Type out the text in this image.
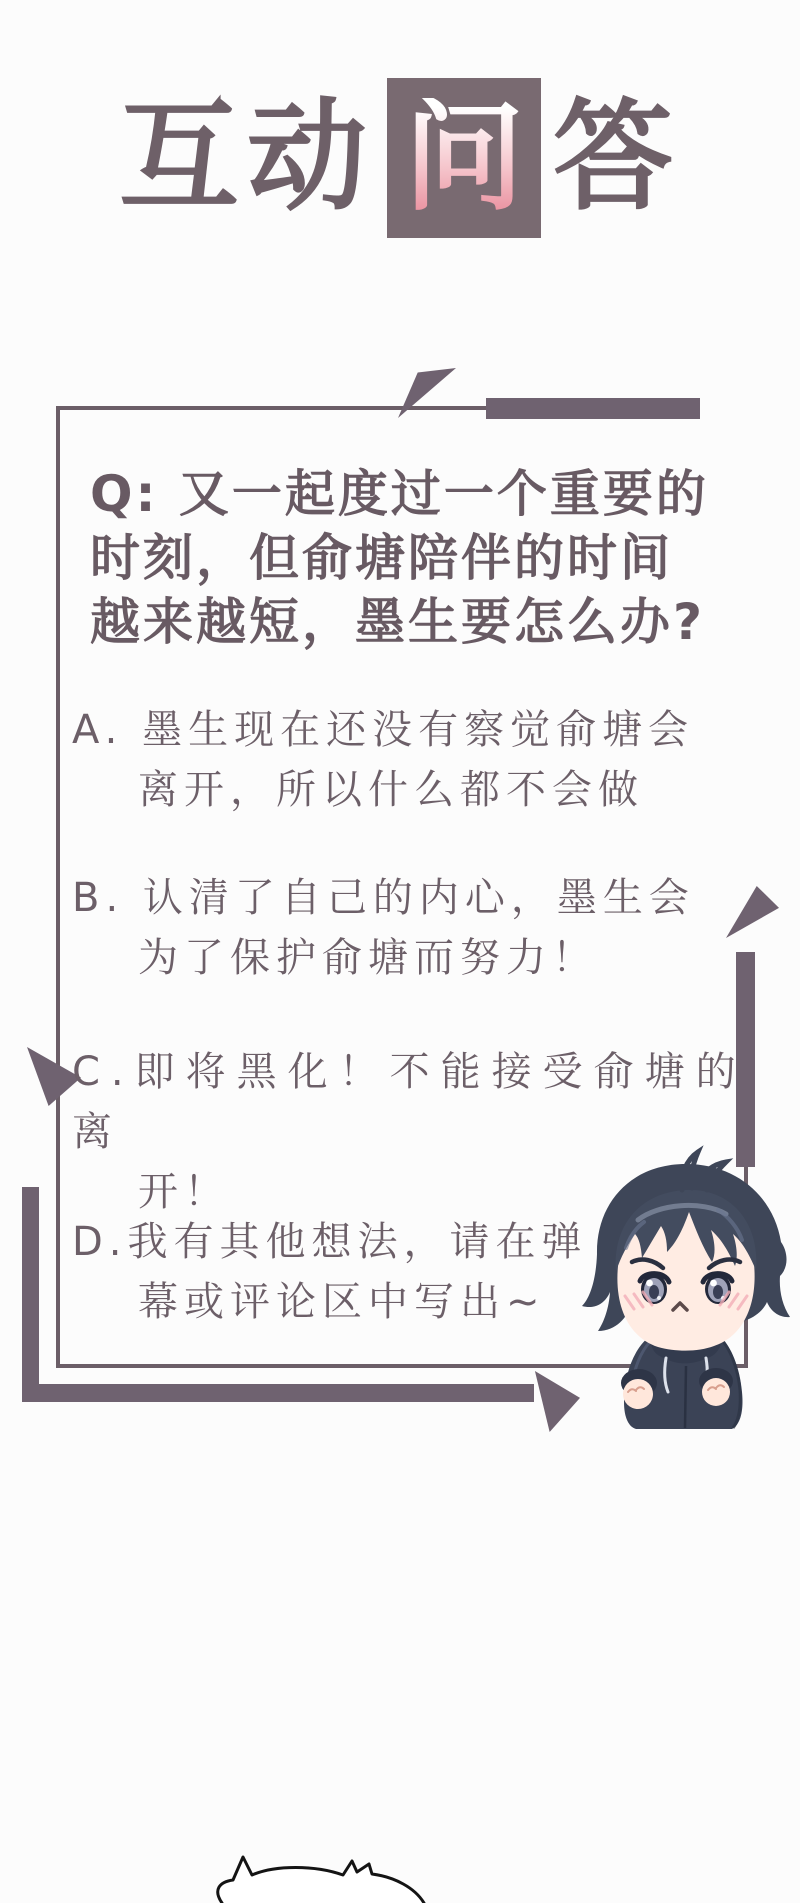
互动 问 答
Q: 又一起度过一个重要的
时刻，但俞塘陪伴的时间
越来越短，墨生要怎么办?
A. 墨生现在还没有察觉俞塘会
离开，所以什么都不会做
B. 认清了自己的内心，墨生会
为了保护俞塘而努力！
C.即将黑化！不能接受俞塘的离
开！
D.我有其他想法，请在弹
幕或评论区中写出~
